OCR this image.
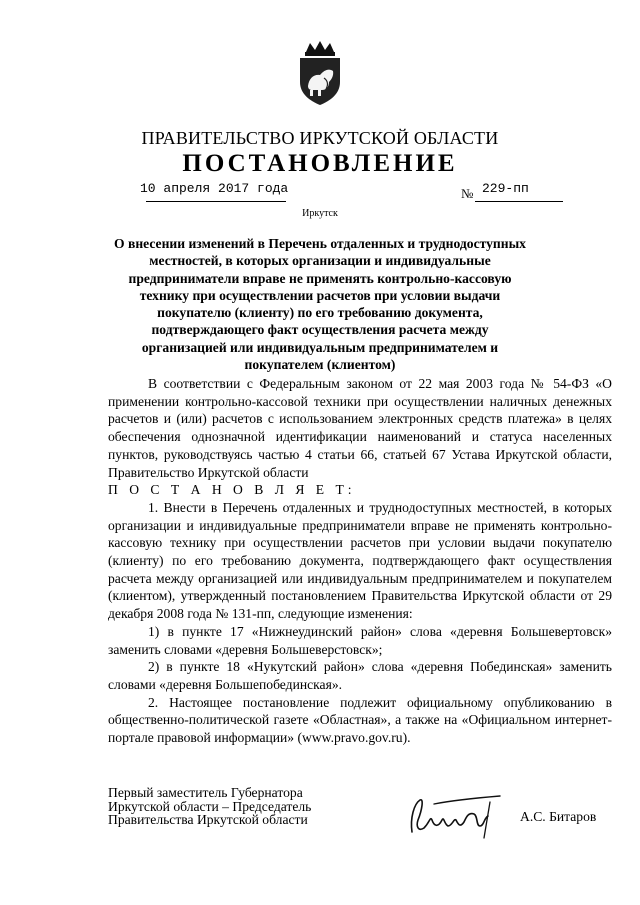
ПРАВИТЕЛЬСТВО ИРКУТСКОЙ ОБЛАСТИ
ПОСТАНОВЛЕНИЕ
10 апреля 2017 года	№ 229-пп
Иркутск
О внесении изменений в Перечень отдаленных и труднодоступных местностей, в которых организации и индивидуальные предприниматели вправе не применять контрольно-кассовую технику при осуществлении расчетов при условии выдачи покупателю (клиенту) по его требованию документа, подтверждающего факт осуществления расчета между организацией или индивидуальным предпринимателем и покупателем (клиентом)

В соответствии с Федеральным законом от 22 мая 2003 года № 54-ФЗ «О применении контрольно-кассовой техники при осуществлении наличных денежных расчетов и (или) расчетов с использованием электронных средств платежа» в целях обеспечения однозначной идентификации наименований и статуса населенных пунктов, руководствуясь частью 4 статьи 66, статьей 67 Устава Иркутской области, Правительство Иркутской области

П О С Т А Н О В Л Я Е Т:

1. Внести в Перечень отдаленных и труднодоступных местностей, в которых организации и индивидуальные предприниматели вправе не применять контрольно-кассовую технику при осуществлении расчетов при условии выдачи покупателю (клиенту) по его требованию документа, подтверждающего факт осуществления расчета между организацией или индивидуальным предпринимателем и покупателем (клиентом), утвержденный постановлением Правительства Иркутской области от 29 декабря 2008 года № 131-пп, следующие изменения:

1) в пункте 17 «Нижнеудинский район» слова «деревня Большевертовск» заменить словами «деревня Большеверстовск»;

2) в пункте 18 «Нукутский район» слова «деревня Побединская» заменить словами «деревня Большепобединская».

2. Настоящее постановление подлежит официальному опубликованию в общественно-политической газете «Областная», а также на «Официальном интернет-портале правовой информации» (www.pravo.gov.ru).

Первый заместитель Губернатора
Иркутской области – Председатель
Правительства Иркутской области	А.С. Битаров
